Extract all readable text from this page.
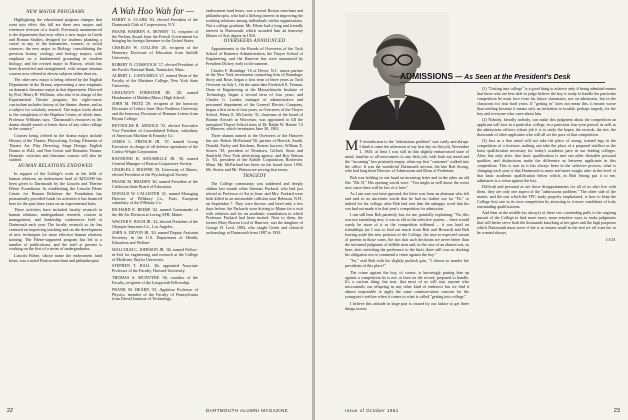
NEW MAJOR PROGRAMS

Highlighting the educational program changes that went into effect this fall are three new majors and extensive revision of a fourth. Previously unannounced is the department that now offers a new major in Greek and Roman Studies, designed for students planning a career in any of the humanities, women, or social sciences; the new major in Biology, consolidating the previous botany, zoology, and biology majors, with emphasis on a fundamental grounding in modern biology; and the revised major in History, which has been diversified and strengthened, with unique seminar courses now offered in eleven subjects rather than six.

The other new major is being offered by the English Department in the Drama, representing a new emphasis on dramatic literature major in that department. Directed by Prof. Henry B. Williams, who also is in charge of the Experimental Theater program, the eight-course curriculum includes history of the theater, theater, and as a subject for scholarly research. The major looks ahead to the completion of the Hopkins Center, at which time, Professor Williams says, "Dartmouth's resources in the drama should match or better those of any other college in the country."

Courses being offered in the drama major include History of the Theater, Playwriting, Acting, Elements of Theater Art, Play Directing, Stage Design, English Drama to 1642, and Non-Comic and Romantic Drama. Dramatic criticism and literature courses will also be studied.

HUMAN RELATIONS ENDOWED

In support of the College's work in the field of human relations an endowment fund of $250,000 has been given to Dartmouth by the Lincoln and Therese Filene Foundation. In establishing the Lincoln Filene Center for Human Relations the Foundation has permanently provided funds for activities it has financed here for the past three years on an experimental basis.

These activities have included faculty research in human relations, undergraduate research, courses in management, and leadership conferences held at Dartmouth each year. The faculty research so far has centered on improving teaching and on the development of new techniques for more effective human relations training. The Filene-supported program has led to a number of publications, and the staff at present is working on the first of a series of undergraduates.

Lincoln Filene, whose name the endowment fund bears, was a noted Boston merchant and philanthropist.

A Wah Hoo Wah for —

HARRY A. CLARK '02, elected President of the Dartmouth Club of Cooperstown, N.Y.

FRANK WARREN A. MOWRY '11, recipient of the Perkins Award from the French Government for bringing his foreign literature to the United States.

CHARLES W. COLLINS '26, recipient of the Honorary Doctorate of Education from Suffolk University.

ROBERT N. COMSTOCK '17, elected President of the Pacific National Bank, Nantucket, Mass.

ALBERT L. CANNARIUS '27, named Dean of the Faculty of the Maritime College, New York State University.

CHAUNCEY FORESTER JR. '28, named Headmaster of Malden (Mass.) High School.

JOHN M. FRITZ '29, recipient of the honorary Doctorate of Letters from Ohio Northern University and the honorary Doctorate of Humane Letters from Bryant College.

REYNOLDS R. ARNOLD '33, elected Executive Vice President of Consolidated Edison, subsidiary of American Machine & Foundry Co.

JAMES L. FRENCH JR. '37, named Group Executive in charge of all defense operations of the Curtiss-Wright Corporation.

RAYMOND H. ANNABELLE JR. '38, named General Manager of Boston Cooperative Society.

CHARLES J. HOOPER '39, University of Illinois, elected President of the Psychological Society.

FRANK M. BRADEN '40, named President of the California State Board of Education.

DONALD W. CALLISTER '41, named Managing Director of Pillsbury Co., Paris, European subsidiary of the Pillsbury Co.

RICHARD E. BEEBE '42, named Commander of the 4th Air Division at Loring AFB, Maine.

WALTER E. BACH JR. '42, elected President of the Olympia Insurance Co., Los Angeles.

JOHN A. DEVON JR. '43, named Deputy Assistant Secretary in the U.S. Department of Health, Education and Welfare.

MALCOLM C. JOHNSON JR. '46, named Fellow-in-Soil for engineering and research at the College of Medicine, Baylor University.

STEPHEN T. HALL '46, appointed Associate Professor of the Faculty, Harvard University.

THOMAS A. MCINTYRE '46, coauthor of the Faculty, recipient of the Longworth Fellowship.

FRANK M. HEARN '55, Appleton Professor of Physics, member of the Faculty of Pennsylvania from Drexel Institute of Technology.

endowment fund bears, was a noted Boston merchant and philanthropist, who had a lifelong interest in improving the working relations among individuals within organizations. Not a college graduate, Mr. Filene had a long and friendly interest in Dartmouth, which awarded him an honorary Master of Arts degree in 1916.

OVERSEERS ANNOUNCED

Appointments to the Boards of Overseers of the Tuck School of Business Administration, the Thayer School of Engineering, and the Hanover Inn were announced by President Dickey early in the summer.

Charles F. Brundage '16 of Dover, N.J., senior partner in the New York investment counseling firm of Brundage, Story and Rose, began a first term of three years as Tuck Overseer on July 1. On the same date Frederick E. Terman, Dean of Engineering at the Massachusetts Institute of Technology, began a second term of four years, and Charles G. Lauder, manager of administrative and personnel department of the General Electric Company, began a first term of four years, as Overseers of the Thayer School. Henry E. McCarthy '31, chairman of the board of Bonnie Aircraft in Worcester, was appointed to fill the unexpired Thayer School term of Dr. Ralph W. Hunter '13 of Hanover, which terminates June 30, 1962.

Three alumni named to the Overseers of the Hanover Inn are: Robert McFarland '50, partner of Herrick, Smith, Donald, Farley and Ketchum, Boston lawyers; William E. Sisters '39, president of Dearborn, Gifford, Stout and Stanfield, New York advertising agency; and Roy Watson Jr. '63, president of the Kohler Corporation, Rochester, Minn. Mr. McFarland has been on the board since 1956. Mr. Sisters and Mr. Watson are serving first terms.

TRAGEDY

The College community was saddened and deeply shaken last month when Artemas Packard, who had just retired as Professor of Art in June, and Mrs. Packard were both killed in an automobile collision near Belmont, N.H., on September 7. They were thrown, and lived only a few days before, the Packards were driving to Maine for a visit with relatives and for an academic consultation to which Professor Packard had been invited. Next to them, the former Mary Bowen Lord of Hanover, was the daughter of George D. Lord, 1884, who taught Greek and classical archaeology at Dartmouth from 1887 to 1933.

22	DARTMOUTH ALUMNI MAGAZINE

M Y introduction to the "admissions problem" was curtly and abrupt. I think it came the afternoon of my first day on this job, November 1, 1945; at least I was still in that slightly embarrassed state of mind, familiar to all newcomers to any desk job, with both my mind and the "incoming" box pristinely empty, when my first "customer" walked into the office. It was the wonderful Dartmouth servant, the late Bob Strong, who had long been Director of Admissions and Dean of Freshmen.

Bob was holding in one hand an incoming letter and in the other an old file. "Mr. D." His opening words were: "You might as well know the worst now since there will be lots of it later."

As I am sure you have guessed, the letter was from an alumnus who felt and said in no uncertain words that he had no further use for "Dr." or indeed for his college, after Bob had sent him the unhappy word that his son had not made it in that year's competition for admission.

I can still hear Bob patiently, but, for me, painfully explaining: "No, this was not something new, it was as old as the selective system ... there would surely be more of it as the competition stiffened ... it was hard on friendships (as I was to find out much from Bob and Howard) and Bob leaving aside the new position of the College, the true-to-expected stream of parents in those cases, the fact that such decisions are never better than the informed judgment of fallible men and, in the case of an alumni son, as here, after stretching the preference to the limit, there still was no ducking his obligation not to commend a crime against the boy."

"So," said Bob with his slightly puckish grin, "I choose to murder the presidents of this place!"

The crime against the boy, of course, is knowingly putting him up against a competition he is not, at least on the record, prepared to handle. It's a curious thing, but true, that most of us will stay anyone who miscounsels our offspring in any other kind of endeavor but we find it almost impossible to apply the same common-sense concern for the youngster's welfare when it comes to what is called "getting into college."

I believe this attitude in large part is caused by our failure to get three things across:

(1) "Getting into college" is a good thing to achieve only if being admitted means that those who are best able to judge believe the boy is ready to handle the particular competition he must face from his future classmates, not on admission, but in the classroom for four hard years. If "getting in" does not mean this, it means worse than nothing because it means only an invitation to trouble, perhaps tragedy, for the boy and everyone who cares about him.

(2) Nobody, literally nobody, can make this judgment about the competition an applicant will face in a particular college, in a particular four-year period, as well as the admissions officers whose job it is to study the hopes, the records, the ties, the thousands of other applicants who will all set the pace of that competition.

(3) Just as a fine mind will not take the place of strong, trained legs in the competition of a footrace, nothing can take the place of a prepared intellect as the basic qualification necessary for today's academic pace in our leading colleges. After, but only after, that basic qualification is met can other desirable personal qualities and distinctions make the difference as between applicants in this competition. This is true as it has always been in the selective process; what is changing each year is that Dartmouth is more and more sought after in the level of that basic academic qualification below which, as Bob Strong put it to me, admission is a crime against the boy.

Difficult and personal as are those disappointments for all of us who live with them, they are only one aspect of the "admissions problem." The other side of the matter, and the one which the TPC study properly emphasized, is how to keep the College first rate in its own competition by attracting to it more candidates of truly outstanding qualifications.

And then in the middle (as always) of these two contending pulls is the ongoing pursuit of the College to find more exact, more sensitive ways to make judgments that will better serve both the thousands knocking at her gates and the high purposes which Dartmouth must serve if she is to remain small in the end we all want her to be wanted always.

J.S.D.
Issue of October 1961	23
ADMISSIONS — As Seen at the President's Desk
